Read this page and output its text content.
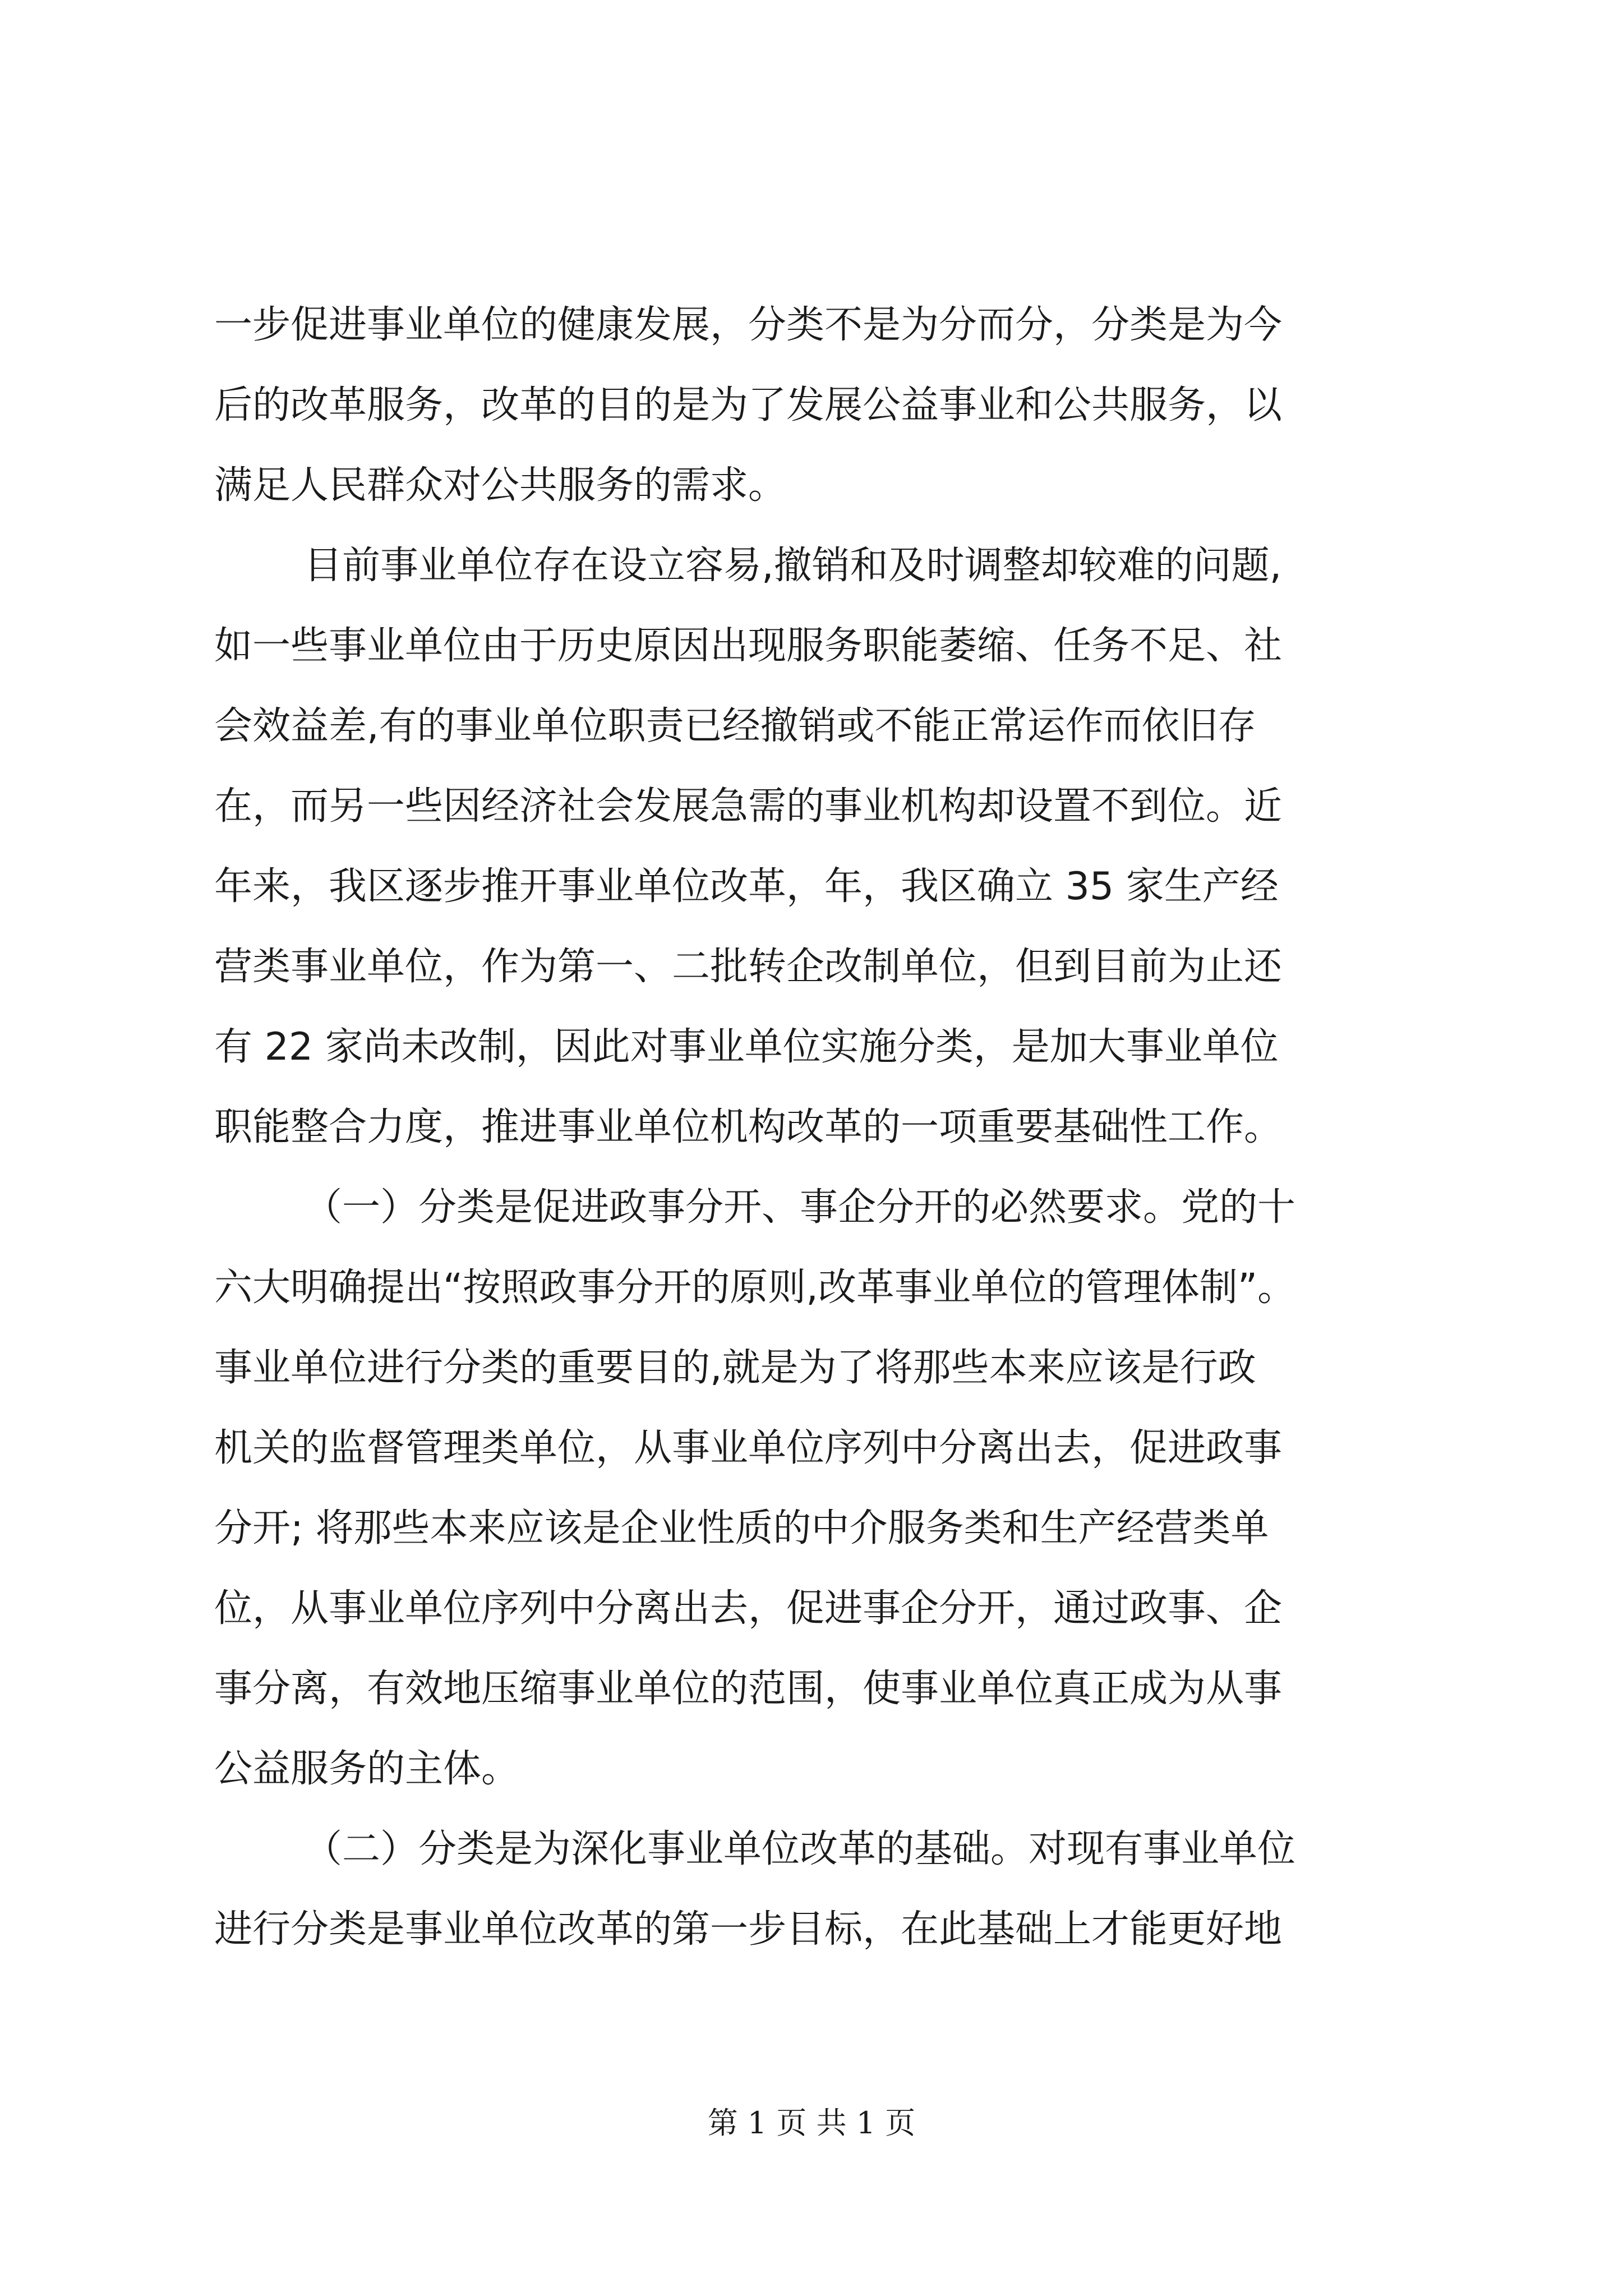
一步促进事业单位的健康发展，分类不是为分而分，分类是为今
后的改革服务，改革的目的是为了发展公益事业和公共服务，以
满足人民群众对公共服务的需求。
目前事业单位存在设立容易,撤销和及时调整却较难的问题,
如一些事业单位由于历史原因出现服务职能萎缩、任务不足、社
会效益差,有的事业单位职责已经撤销或不能正常运作而依旧存
在，而另一些因经济社会发展急需的事业机构却设置不到位。近
年来，我区逐步推开事业单位改革，年，我区确立 35 家生产经
营类事业单位，作为第一、二批转企改制单位，但到目前为止还
有 22 家尚未改制，因此对事业单位实施分类，是加大事业单位
职能整合力度，推进事业单位机构改革的一项重要基础性工作。
（一）分类是促进政事分开、事企分开的必然要求。党的十
六大明确提出“按照政事分开的原则,改革事业单位的管理体制”。
事业单位进行分类的重要目的,就是为了将那些本来应该是行政
机关的监督管理类单位，从事业单位序列中分离出去，促进政事
分开; 将那些本来应该是企业性质的中介服务类和生产经营类单
位，从事业单位序列中分离出去，促进事企分开，通过政事、企
事分离，有效地压缩事业单位的范围，使事业单位真正成为从事
公益服务的主体。
（二）分类是为深化事业单位改革的基础。对现有事业单位
进行分类是事业单位改革的第一步目标，在此基础上才能更好地
第 1 页 共 1 页
